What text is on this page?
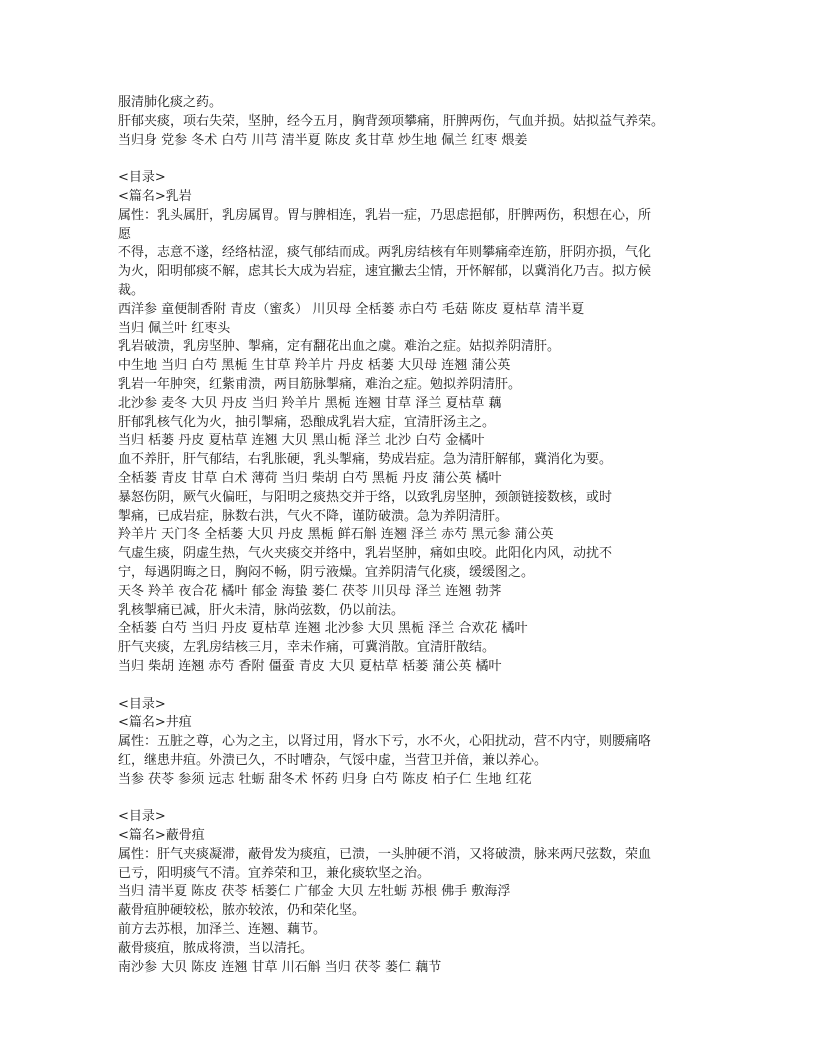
服清肺化痰之药。

肝郁夹痰，项右失荣，坚肿，经今五月，胸背颈项攀痛，肝脾两伤，气血并损。姑拟益气养荣。

当归身 党参 冬术 白芍 川芎 清半夏 陈皮 炙甘草 炒生地 佩兰 红枣 煨姜

<目录>

<篇名>乳岩

属性：乳头属肝，乳房属胃。胃与脾相连，乳岩一症，乃思虑挹郁，肝脾两伤，积想在心，所

愿

不得，志意不遂，经络枯涩，痰气郁结而成。两乳房结核有年则攀痛牵连筋，肝阴亦损，气化

为火，阳明郁痰不解，虑其长大成为岩症，速宜撇去尘情，开怀解郁，以冀消化乃吉。拟方候

裁。

西洋参 童便制香附 青皮（蜜炙） 川贝母 全栝蒌 赤白芍 毛菇 陈皮 夏枯草 清半夏

当归 佩兰叶 红枣头

乳岩破溃，乳房坚肿、掣痛，定有翻花出血之虞。难治之症。姑拟养阴清肝。

中生地 当归 白芍 黑栀 生甘草 羚羊片 丹皮 栝蒌 大贝母 连翘 蒲公英

乳岩一年肿突，红紫甫溃，两目筋脉掣痛，难治之症。勉拟养阴清肝。

北沙参 麦冬 大贝 丹皮 当归 羚羊片 黑栀 连翘 甘草 泽兰 夏枯草 藕

肝郁乳核气化为火，抽引掣痛，恐酿成乳岩大症，宜清肝汤主之。

当归 栝蒌 丹皮 夏枯草 连翘 大贝 黑山栀 泽兰 北沙 白芍 金橘叶

血不养肝，肝气郁结，右乳胀硬，乳头掣痛，势成岩症。急为清肝解郁，冀消化为要。

全栝蒌 青皮 甘草 白术 薄荷 当归 柴胡 白芍 黑栀 丹皮 蒲公英 橘叶

暴怒伤阴，厥气火偏旺，与阳明之痰热交并于络，以致乳房坚肿，颈颌链接数核，或时

掣痛，已成岩症，脉数右洪，气火不降，谨防破溃。急为养阴清肝。

羚羊片 天门冬 全栝蒌 大贝 丹皮 黑栀 鲜石斛 连翘 泽兰 赤芍 黑元参 蒲公英

气虚生痰，阴虚生热，气火夹痰交并络中，乳岩坚肿，痛如虫咬。此阳化内风，动扰不

宁，每遇阴晦之日，胸闷不畅，阴亏液燥。宜养阴清气化痰，缓缓图之。

天冬 羚羊 夜合花 橘叶 郁金 海蛰 蒌仁 茯苓 川贝母 泽兰 连翘 勃荠

乳核掣痛已减，肝火未清，脉尚弦数，仍以前法。

全栝蒌 白芍 当归 丹皮 夏枯草 连翘 北沙参 大贝 黑栀 泽兰 合欢花 橘叶

肝气夹痰，左乳房结核三月，幸未作痛，可冀消散。宜清肝散结。

当归 柴胡 连翘 赤芍 香附 僵蚕 青皮 大贝 夏枯草 栝蒌 蒲公英 橘叶

<目录>

<篇名>井疽

属性：五脏之尊，心为之主，以肾过用，肾水下亏，水不火，心阳扰动，营不内守，则腰痛咯

红，继患井疽。外溃已久，不时嘈杂，气馁中虚，当营卫并偣，兼以养心。

当参 茯苓 参须 远志 牡蛎 甜冬术 怀药 归身 白芍 陈皮 柏子仁 生地 红花

<目录>

<篇名>蔽骨疽

属性：肝气夹痰凝滞，蔽骨发为痰疽，已溃，一头肿硬不消，又将破溃，脉来两尺弦数，荣血

已亏，阳明痰气不清。宜养荣和卫，兼化痰软坚之治。

当归 清半夏 陈皮 茯苓 栝蒌仁 广郁金 大贝 左牡蛎 苏根 佛手 敷海浮

蔽骨疽肿硬较松，脓亦较浓，仍和荣化坚。

前方去苏根，加泽兰、连翘、藕节。

蔽骨痰疽，脓成将溃，当以清托。

南沙参 大贝 陈皮 连翘 甘草 川石斛 当归 茯苓 蒌仁 藕节
